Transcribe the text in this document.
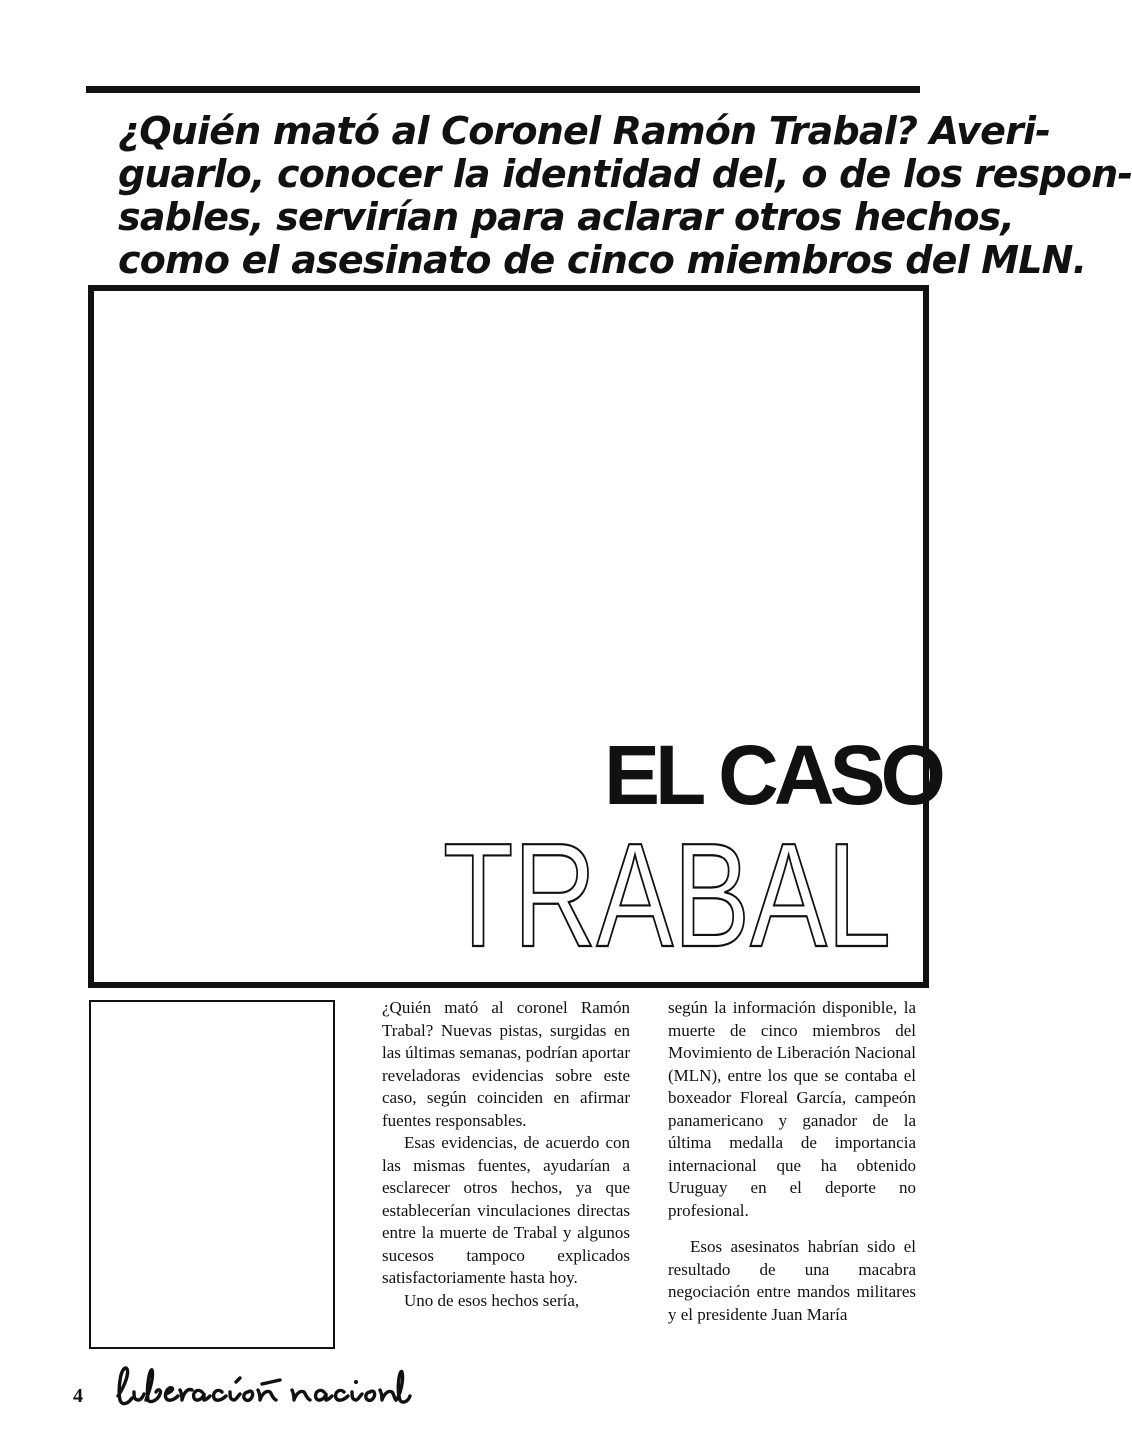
¿Quién mató al Coronel Ramón Trabal? Averi-
guarlo, conocer la identidad del, o de los respon-
sables, servirían para aclarar otros hechos,
como el asesinato de cinco miembros del MLN.
EL CASO
TRABAL

¿Quién mató al coronel Ramón Trabal? Nuevas pistas, surgidas en las últimas semanas, podrían aportar reveladoras evidencias sobre este caso, según coinciden en afirmar fuentes responsables.

Esas evidencias, de acuerdo con las mismas fuentes, ayudarían a esclarecer otros hechos, ya que establecerían vinculaciones directas entre la muerte de Trabal y algunos sucesos tampoco explicados satisfactoriamente hasta hoy.

Uno de esos hechos sería,

según la información disponible, la muerte de cinco miembros del Movimiento de Liberación Nacional (MLN), entre los que se contaba el boxeador Floreal García, campeón panamericano y ganador de la última medalla de importancia internacional que ha obtenido Uruguay en el deporte no profesional.

Esos asesinatos habrían sido el resultado de una macabra negociación entre mandos militares y el presidente Juan María

4

liberación nacional
